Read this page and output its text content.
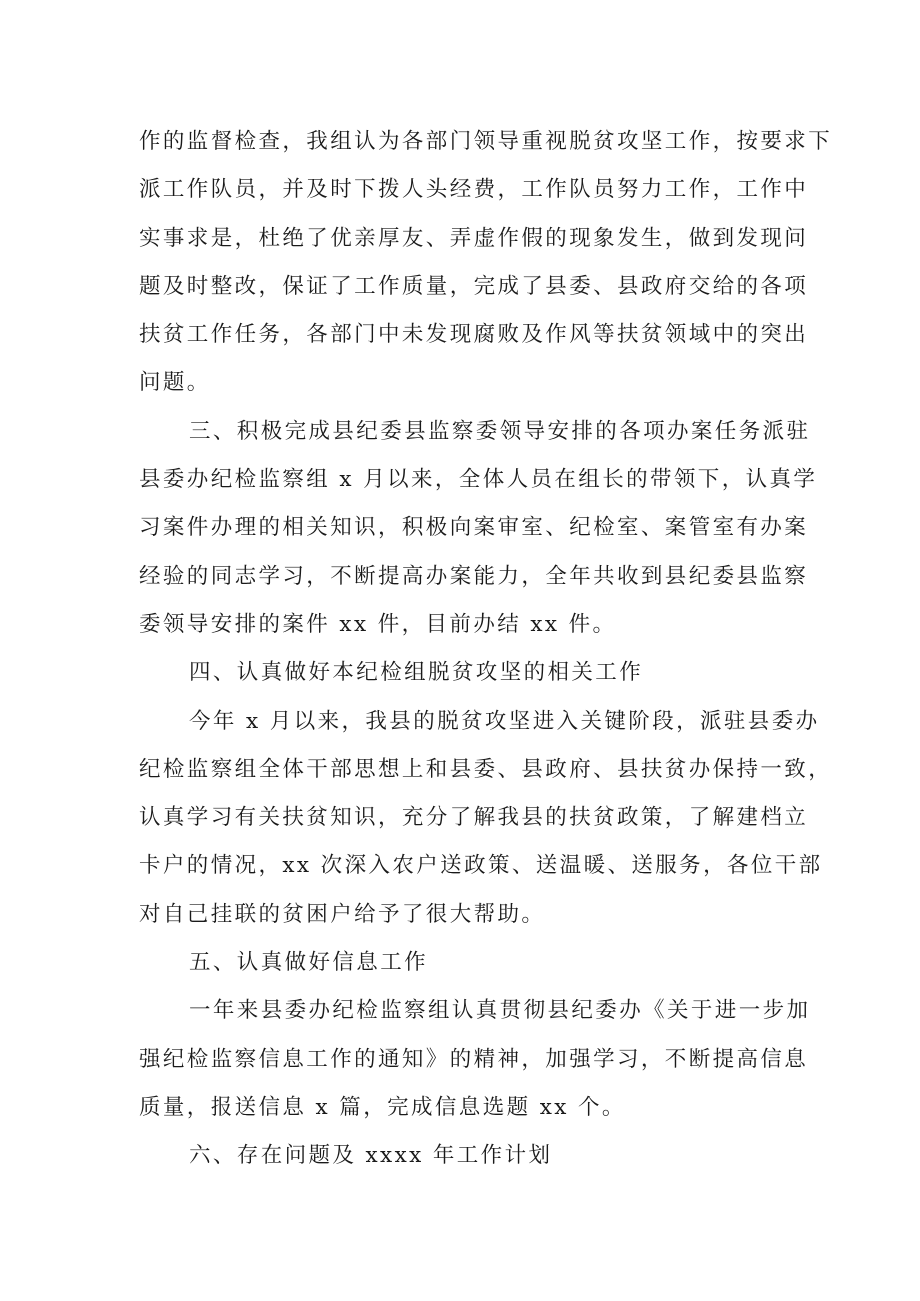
作的监督检查，我组认为各部门领导重视脱贫攻坚工作，按要求下
派工作队员，并及时下拨人头经费，工作队员努力工作，工作中
实事求是，杜绝了优亲厚友、弄虚作假的现象发生，做到发现问
题及时整改，保证了工作质量，完成了县委、县政府交给的各项
扶贫工作任务，各部门中未发现腐败及作风等扶贫领域中的突出
问题。
三、积极完成县纪委县监察委领导安排的各项办案任务派驻
县委办纪检监察组 x 月以来，全体人员在组长的带领下，认真学
习案件办理的相关知识，积极向案审室、纪检室、案管室有办案
经验的同志学习，不断提高办案能力，全年共收到县纪委县监察
委领导安排的案件 xx 件，目前办结 xx 件。
四、认真做好本纪检组脱贫攻坚的相关工作
今年 x 月以来，我县的脱贫攻坚进入关键阶段，派驻县委办
纪检监察组全体干部思想上和县委、县政府、县扶贫办保持一致，
认真学习有关扶贫知识，充分了解我县的扶贫政策，了解建档立
卡户的情况，xx 次深入农户送政策、送温暖、送服务，各位干部
对自己挂联的贫困户给予了很大帮助。
五、认真做好信息工作
一年来县委办纪检监察组认真贯彻县纪委办《关于进一步加
强纪检监察信息工作的通知》的精神，加强学习，不断提高信息
质量，报送信息 x 篇，完成信息选题 xx 个。
六、存在问题及 xxxx 年工作计划
